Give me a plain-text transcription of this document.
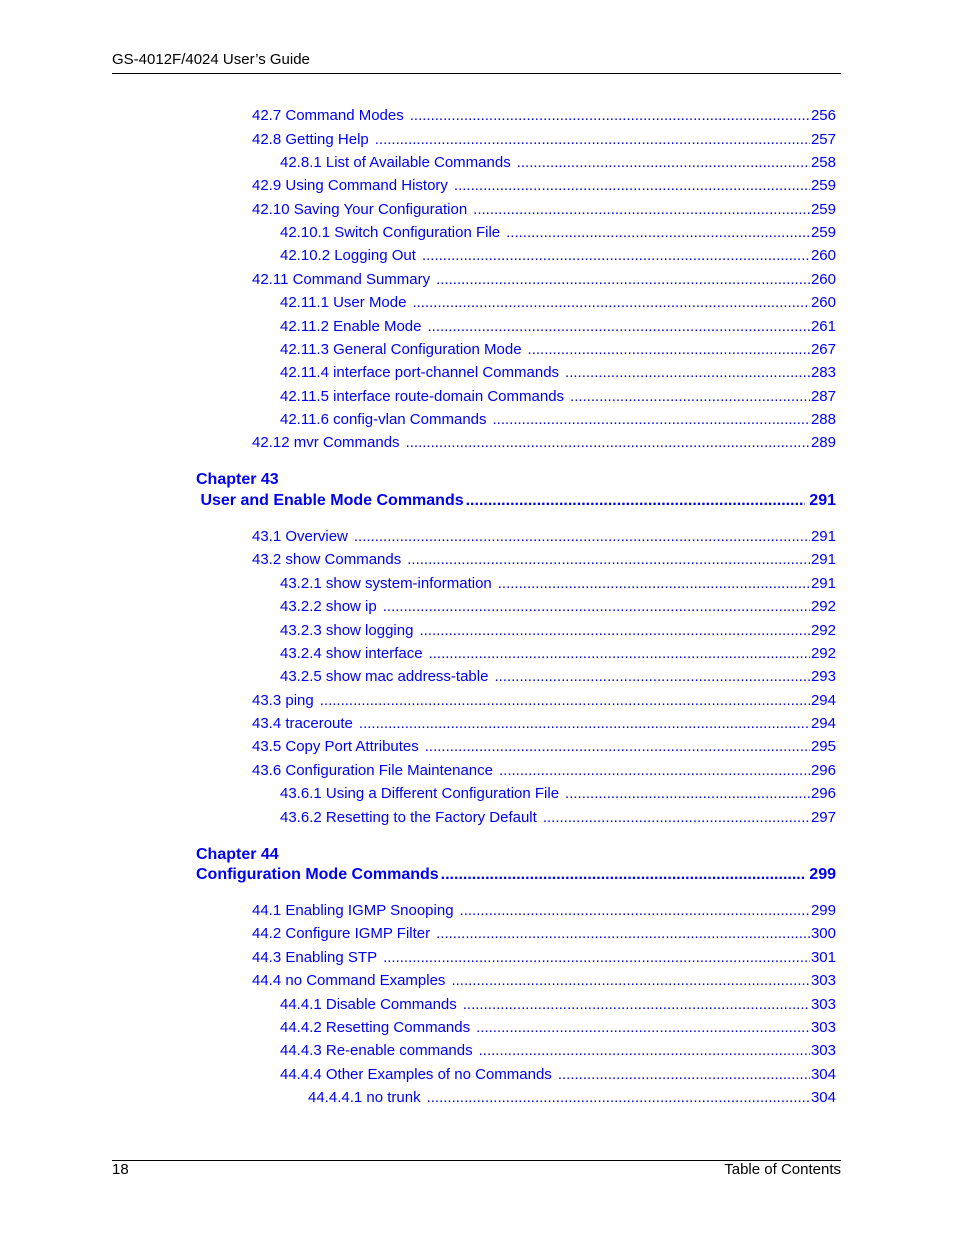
GS-4012F/4024 User’s Guide
42.7 Command Modes .....	256
42.8 Getting Help .....	257
42.8.1 List of Available Commands .....	258
42.9 Using Command History .....	259
42.10 Saving Your Configuration .....	259
42.10.1 Switch Configuration File .....	259
42.10.2 Logging Out .....	260
42.11 Command Summary .....	260
42.11.1 User Mode .....	260
42.11.2 Enable Mode .....	261
42.11.3 General Configuration Mode .....	267
42.11.4 interface port-channel Commands .....	283
42.11.5 interface route-domain Commands .....	287
42.11.6 config-vlan Commands .....	288
42.12 mvr Commands .....	289
Chapter 43
User and Enable Mode Commands .....	291
43.1 Overview .....	291
43.2 show Commands .....	291
43.2.1 show system-information .....	291
43.2.2 show ip .....	292
43.2.3 show logging .....	292
43.2.4 show interface .....	292
43.2.5 show mac address-table .....	293
43.3 ping .....	294
43.4 traceroute .....	294
43.5 Copy Port Attributes .....	295
43.6 Configuration File Maintenance .....	296
43.6.1 Using a Different Configuration File .....	296
43.6.2 Resetting to the Factory Default .....	297
Chapter 44
Configuration Mode Commands .....	299
44.1 Enabling IGMP Snooping .....	299
44.2 Configure IGMP Filter .....	300
44.3 Enabling STP .....	301
44.4 no Command Examples .....	303
44.4.1 Disable Commands .....	303
44.4.2 Resetting Commands .....	303
44.4.3 Re-enable commands .....	303
44.4.4 Other Examples of no Commands .....	304
44.4.4.1 no trunk .....	304
18	Table of Contents
